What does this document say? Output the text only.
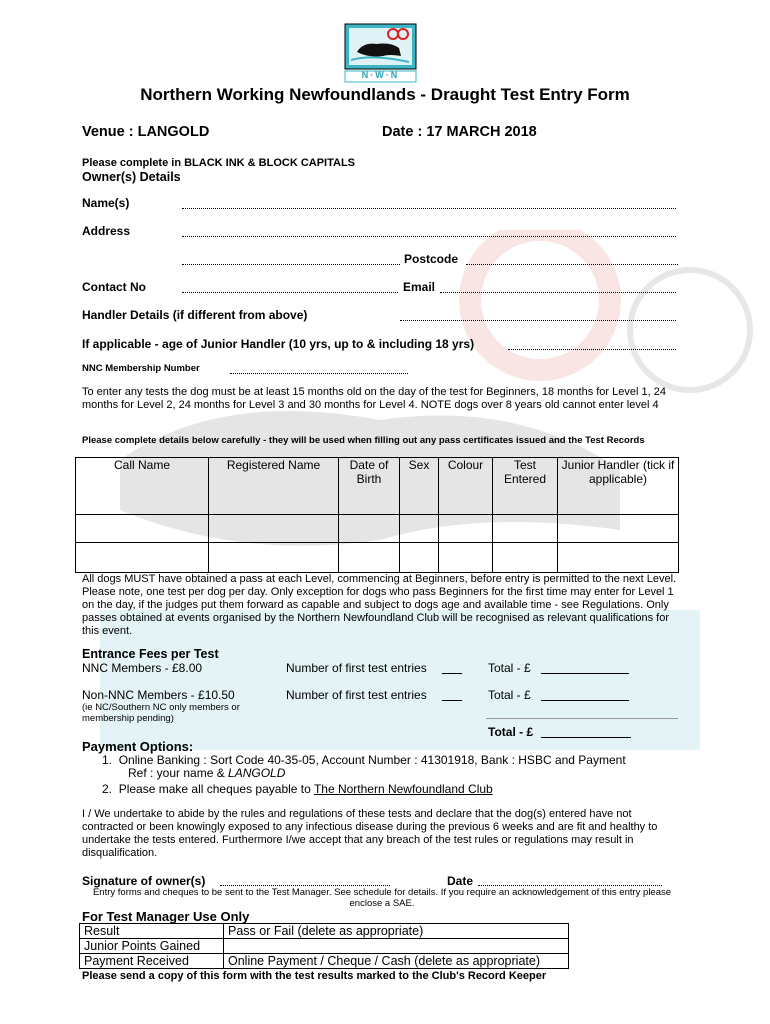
N·W·N
Northern Working Newfoundlands - Draught Test Entry Form
Venue : LANGOLD	Date : 17 MARCH 2018
Please complete in BLACK INK & BLOCK CAPITALS
Owner(s) Details
Name(s)
Address
Postcode
Contact No	Email
Handler Details (if different from above)
If applicable - age of Junior Handler (10 yrs, up to & including 18 yrs)
NNC Membership Number
To enter any tests the dog must be at least 15 months old on the day of the test for Beginners, 18 months for Level 1, 24 months for Level 2, 24 months for Level 3 and 30 months for Level 4. NOTE dogs over 8 years old cannot enter level 4
Please complete details below carefully - they will be used when filling out any pass certificates issued and the Test Records
Call Name	Registered Name	Date of Birth	Sex	Colour	Test Entered	Junior Handler (tick if applicable)

All dogs MUST have obtained a pass at each Level, commencing at Beginners, before entry is permitted to the next Level. Please note, one test per dog per day. Only exception for dogs who pass Beginners for the first time may enter for Level 1 on the day, if the judges put them forward as capable and subject to dogs age and available time - see Regulations. Only passes obtained at events organised by the Northern Newfoundland Club will be recognised as relevant qualifications for this event.
Entrance Fees per Test
NNC Members - £8.00	Number of first test entries	Total - £
Non-NNC Members - £10.50	Number of first test entries	Total - £
(ie NC/Southern NC only members or membership pending)
Total - £
Payment Options:
1.  Online Banking : Sort Code 40-35-05, Account Number : 41301918, Bank : HSBC and Payment
Ref : your name & LANGOLD
2.  Please make all cheques payable to The Northern Newfoundland Club
I / We undertake to abide by the rules and regulations of these tests and declare that the dog(s) entered have not contracted or been knowingly exposed to any infectious disease during the previous 6 weeks and are fit and healthy to undertake the tests entered. Furthermore I/we accept that any breach of the test rules or regulations may result in disqualification.
Signature of owner(s)	Date
Entry forms and cheques to be sent to the Test Manager. See schedule for details. If you require an acknowledgement of this entry please enclose a SAE.
For Test Manager Use Only
Result	Pass or Fail (delete as appropriate)
Junior Points Gained	
Payment Received	Online Payment / Cheque / Cash (delete as appropriate)
Please send a copy of this form with the test results marked to the Club's Record Keeper
